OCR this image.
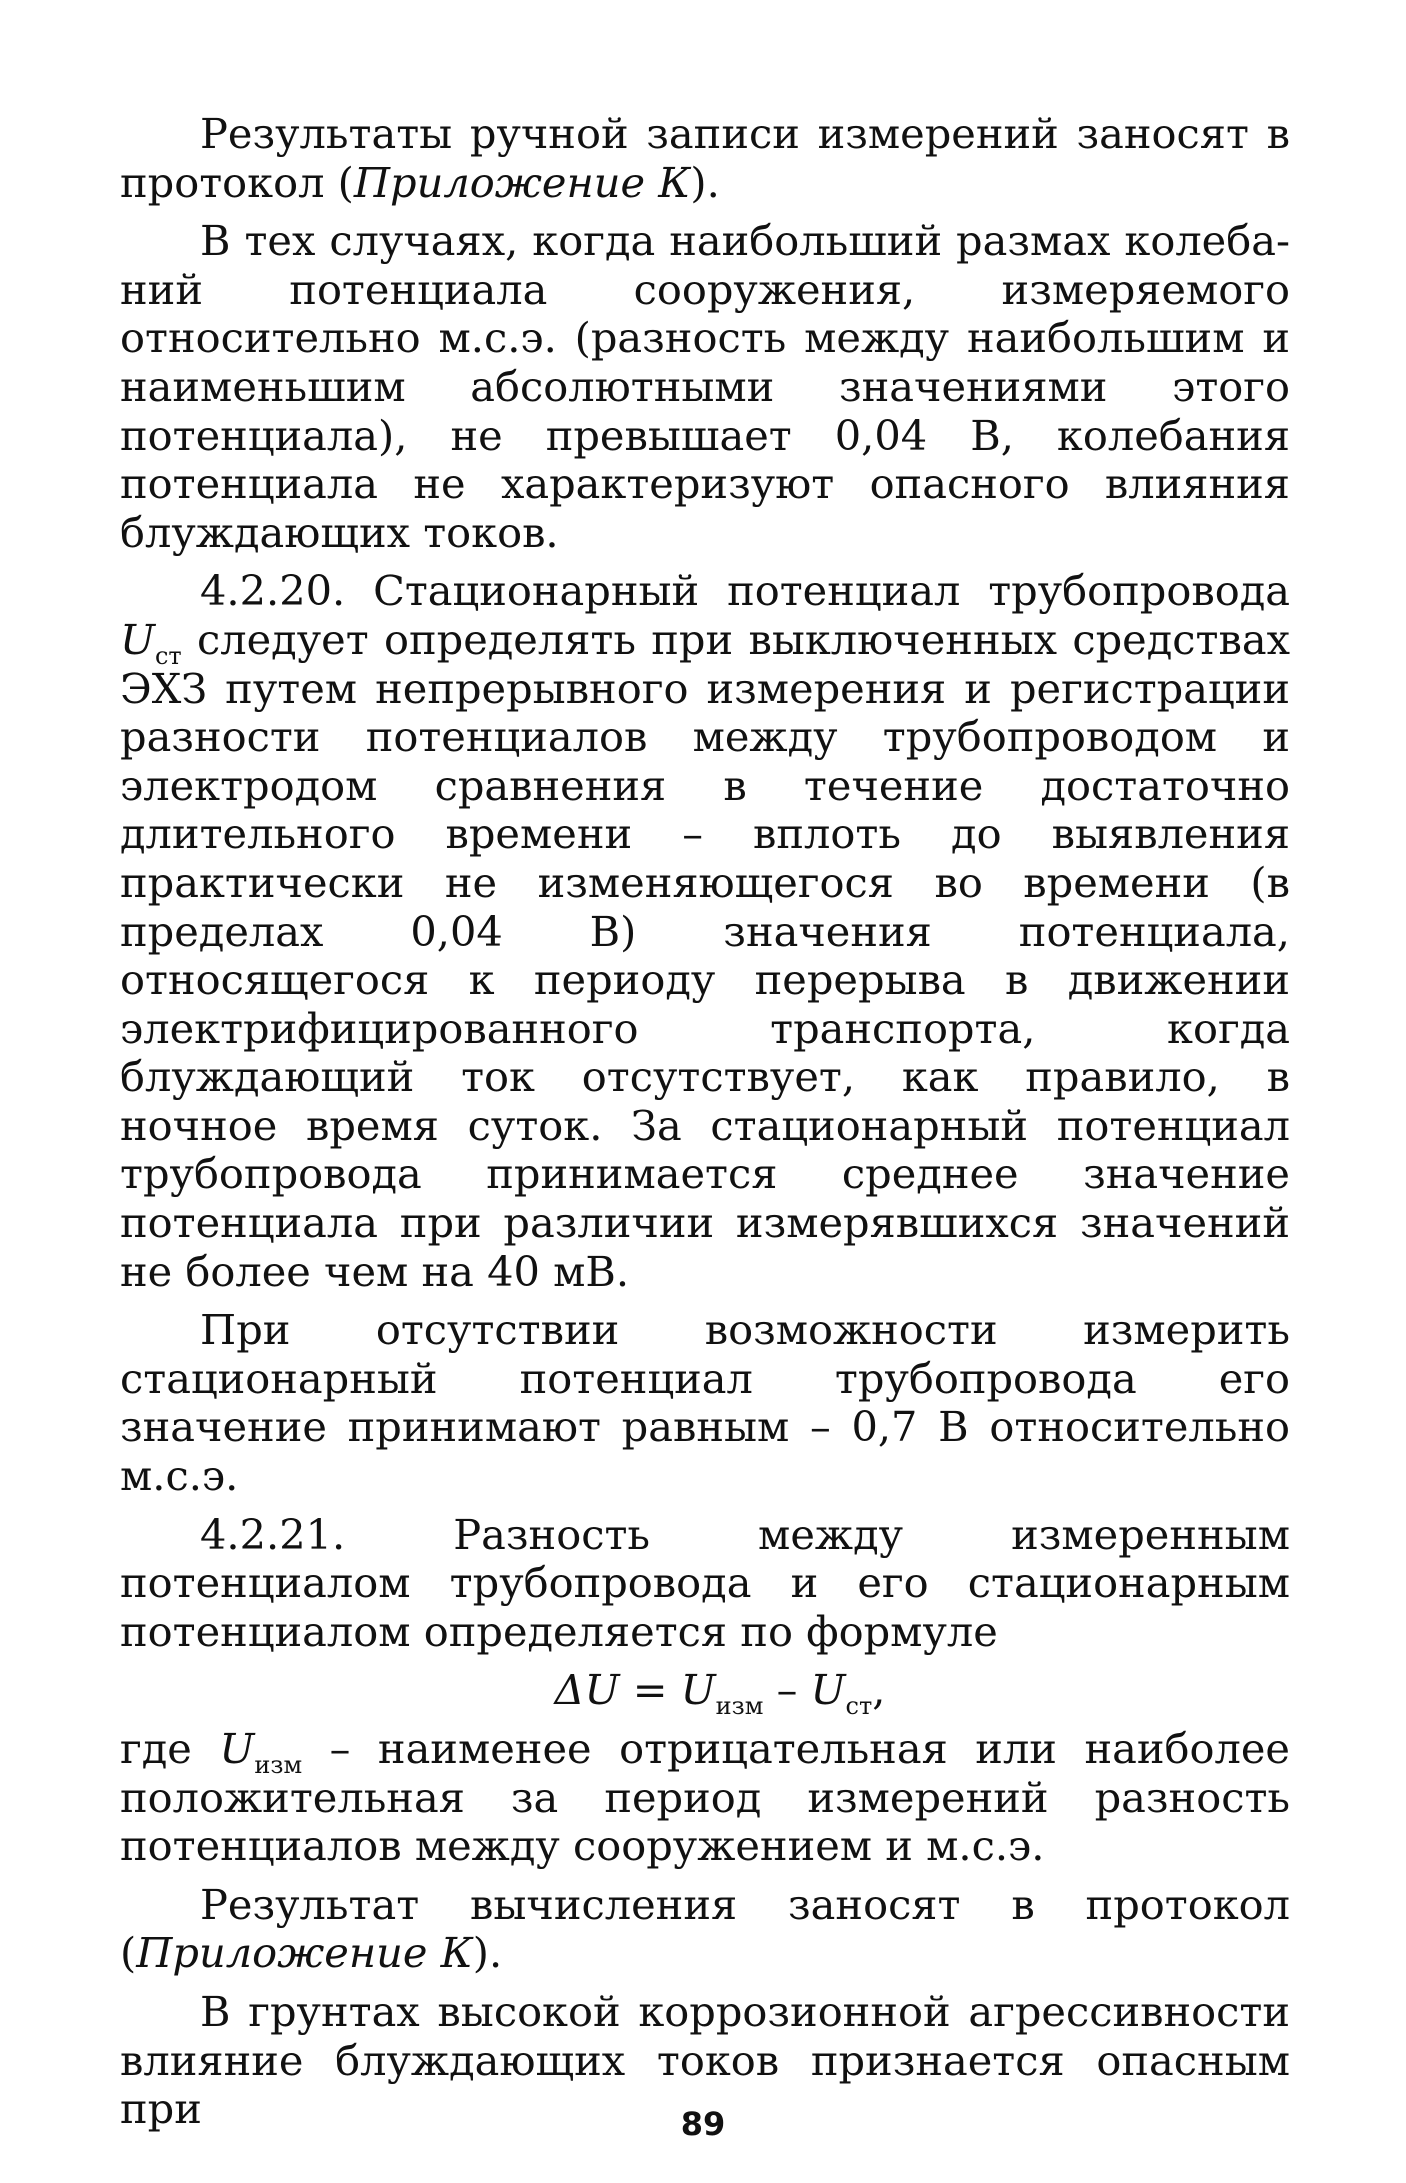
Результаты ручной записи измерений заносят в протокол (Приложение К).

В тех случаях, когда наибольший размах колебаний потенциала сооружения, измеряемого относительно м.с.э. (разность между наибольшим и наименьшим абсолютными значениями этого потенциала), не превышает 0,04 В, колебания потенциала не характеризуют опасного влияния блуждающих токов.

4.2.20. Стационарный потенциал трубопровода $U_{ст}$ следует определять при выключенных средствах ЭХЗ путем непрерывного измерения и регистрации разности потенциалов между трубопроводом и электродом сравнения в течение достаточно длительного времени – вплоть до выявления практически не изменяющегося во времени (в пределах 0,04 В) значения потенциала, относящегося к периоду перерыва в движении электрифицированного транспорта, когда блуждающий ток отсутствует, как правило, в ночное время суток. За стационарный потенциал трубопровода принимается среднее значение потенциала при различии измерявшихся значений не более чем на 40 мВ.

При отсутствии возможности измерить стационарный потенциал трубопровода его значение принимают равным – 0,7 В относительно м.с.э.

4.2.21. Разность между измеренным потенциалом трубопровода и его стационарным потенциалом определяется по формуле

$\Delta U = U_{изм} - U_{ст}$,

где $U_{изм}$ – наименее отрицательная или наиболее положительная за период измерений разность потенциалов между сооружением и м.с.э.

Результат вычисления заносят в протокол (Приложение К).

В грунтах высокой коррозионной агрессивности влияние блуждающих токов признается опасным при	89
